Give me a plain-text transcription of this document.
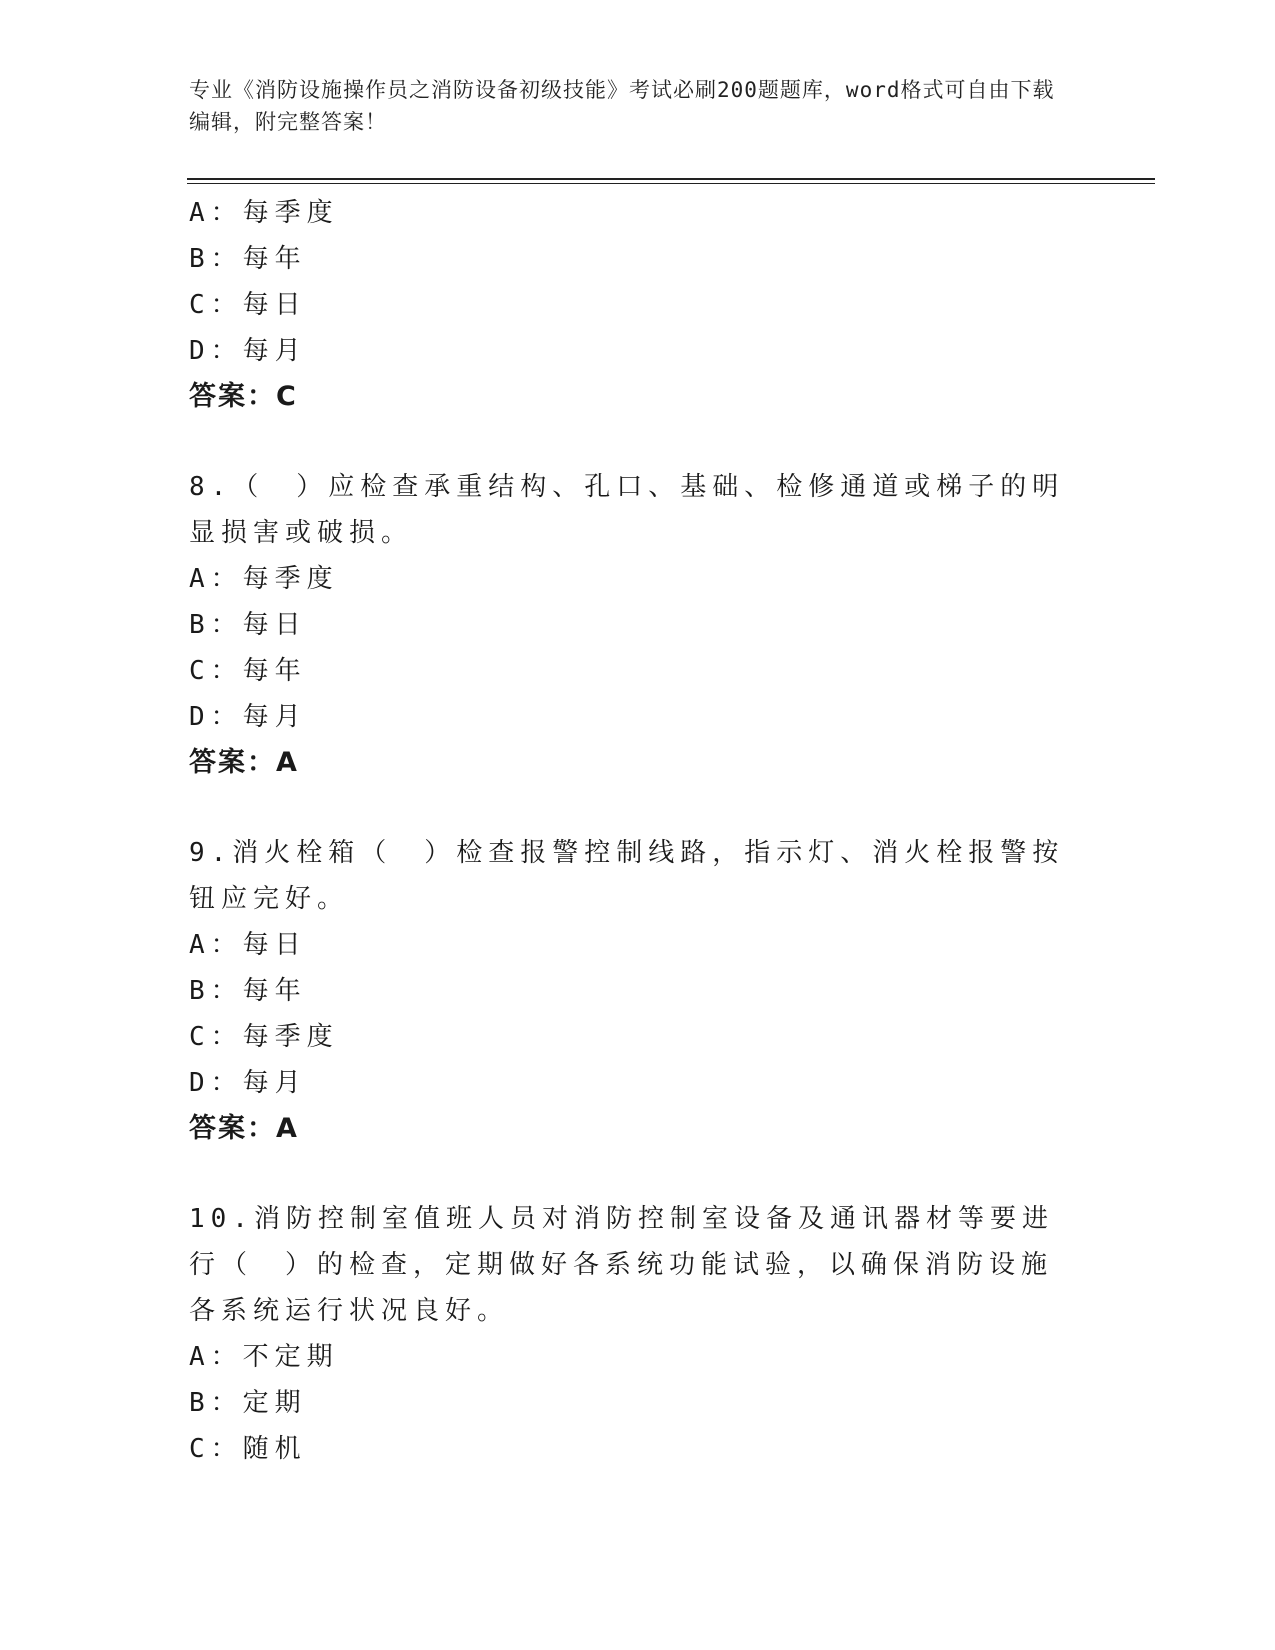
专业《消防设施操作员之消防设备初级技能》考试必刷200题题库，word格式可自由下载编辑，附完整答案！
A：每季度
B：每年
C：每日
D：每月
答案：C
8.（　）应检查承重结构、孔口、基础、检修通道或梯子的明显损害或破损。
A：每季度
B：每日
C：每年
D：每月
答案：A
9.消火栓箱（　）检查报警控制线路，指示灯、消火栓报警按钮应完好。
A：每日
B：每年
C：每季度
D：每月
答案：A
10.消防控制室值班人员对消防控制室设备及通讯器材等要进行（　）的检查，定期做好各系统功能试验，以确保消防设施各系统运行状况良好。
A：不定期
B：定期
C：随机
